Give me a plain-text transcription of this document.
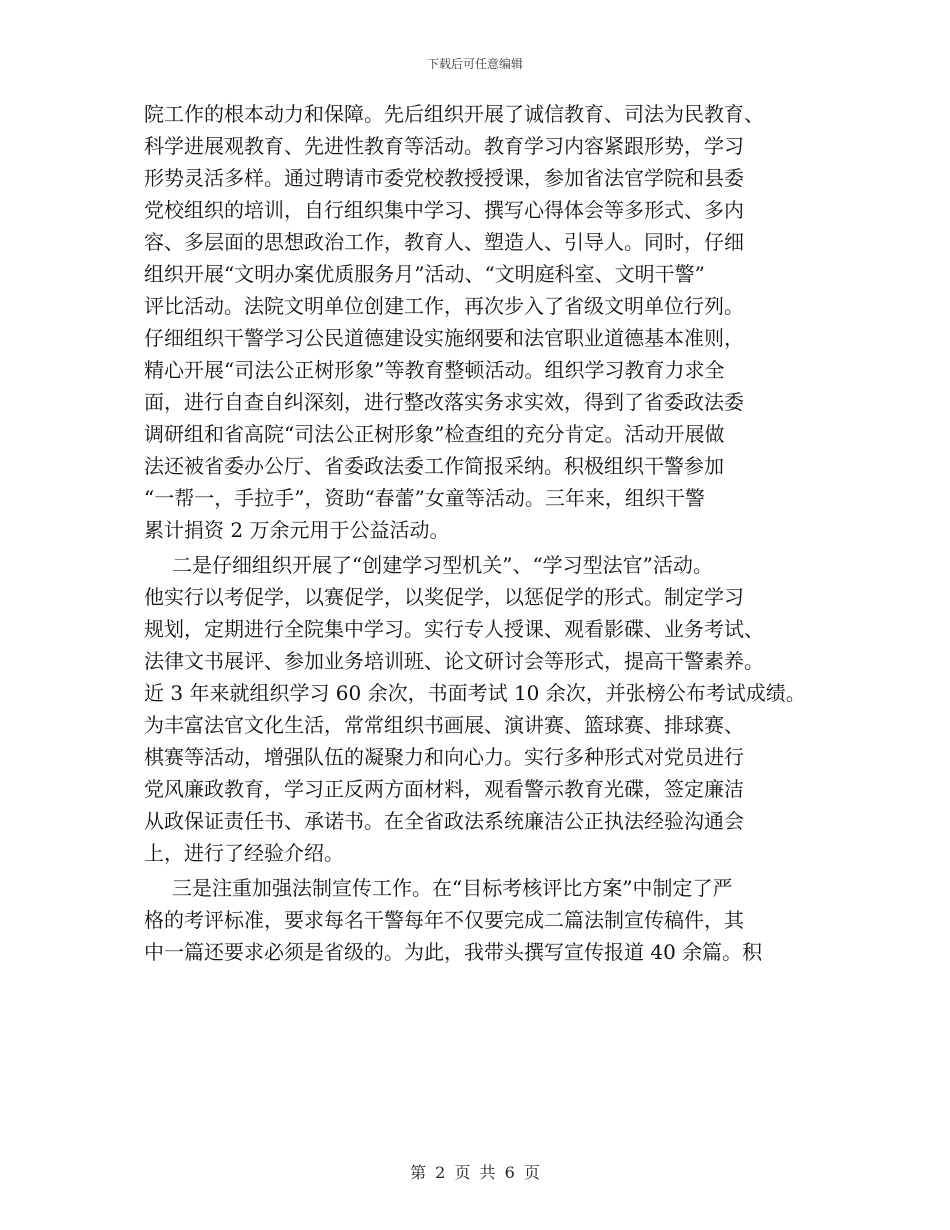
下载后可任意编辑
院工作的根本动力和保障。先后组织开展了诚信教育、司法为民教育、
科学进展观教育、先进性教育等活动。教育学习内容紧跟形势，学习
形势灵活多样。通过聘请市委党校教授授课，参加省法官学院和县委
党校组织的培训，自行组织集中学习、撰写心得体会等多形式、多内
容、多层面的思想政治工作，教育人、塑造人、引导人。同时，仔细
组织开展“文明办案优质服务月”活动、“文明庭科室、文明干警”
评比活动。法院文明单位创建工作，再次步入了省级文明单位行列。
仔细组织干警学习公民道德建设实施纲要和法官职业道德基本准则，
精心开展“司法公正树形象”等教育整顿活动。组织学习教育力求全
面，进行自查自纠深刻，进行整改落实务求实效，得到了省委政法委
调研组和省高院“司法公正树形象”检查组的充分肯定。活动开展做
法还被省委办公厅、省委政法委工作简报采纳。积极组织干警参加
“一帮一，手拉手”，资助“春蕾”女童等活动。三年来，组织干警
累计捐资 2 万余元用于公益活动。
二是仔细组织开展了“创建学习型机关”、“学习型法官”活动。
他实行以考促学，以赛促学，以奖促学，以惩促学的形式。制定学习
规划，定期进行全院集中学习。实行专人授课、观看影碟、业务考试、
法律文书展评、参加业务培训班、论文研讨会等形式，提高干警素养。
近 3 年来就组织学习 60 余次，书面考试 10 余次，并张榜公布考试成绩。
为丰富法官文化生活，常常组织书画展、演讲赛、篮球赛、排球赛、
棋赛等活动，增强队伍的凝聚力和向心力。实行多种形式对党员进行
党风廉政教育，学习正反两方面材料，观看警示教育光碟，签定廉洁
从政保证责任书、承诺书。在全省政法系统廉洁公正执法经验沟通会
上，进行了经验介绍。
三是注重加强法制宣传工作。在“目标考核评比方案”中制定了严
格的考评标准，要求每名干警每年不仅要完成二篇法制宣传稿件，其
中一篇还要求必须是省级的。为此，我带头撰写宣传报道 40 余篇。积
第 2 页 共 6 页
